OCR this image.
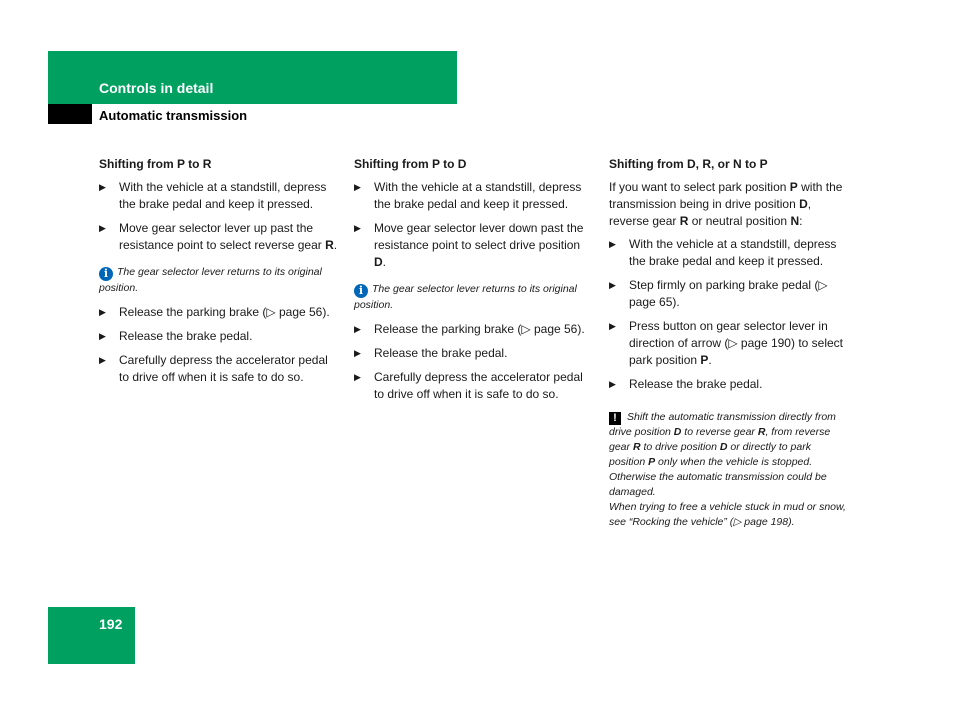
Controls in detail
Automatic transmission
Shifting from P to R
▶ With the vehicle at a standstill, depress the brake pedal and keep it pressed.
▶ Move gear selector lever up past the resistance point to select reverse gear R.
i The gear selector lever returns to its original position.
▶ Release the parking brake (▷ page 56).
▶ Release the brake pedal.
▶ Carefully depress the accelerator pedal to drive off when it is safe to do so.
Shifting from P to D
▶ With the vehicle at a standstill, depress the brake pedal and keep it pressed.
▶ Move gear selector lever down past the resistance point to select drive position D.
i The gear selector lever returns to its original position.
▶ Release the parking brake (▷ page 56).
▶ Release the brake pedal.
▶ Carefully depress the accelerator pedal to drive off when it is safe to do so.
Shifting from D, R, or N to P
If you want to select park position P with the transmission being in drive position D, reverse gear R or neutral position N:
▶ With the vehicle at a standstill, depress the brake pedal and keep it pressed.
▶ Step firmly on parking brake pedal (▷ page 65).
▶ Press button on gear selector lever in direction of arrow (▷ page 190) to select park position P.
▶ Release the brake pedal.
! Shift the automatic transmission directly from drive position D to reverse gear R, from reverse gear R to drive position D or directly to park position P only when the vehicle is stopped. Otherwise the automatic transmission could be damaged.
When trying to free a vehicle stuck in mud or snow, see “Rocking the vehicle” (▷ page 198).
192
